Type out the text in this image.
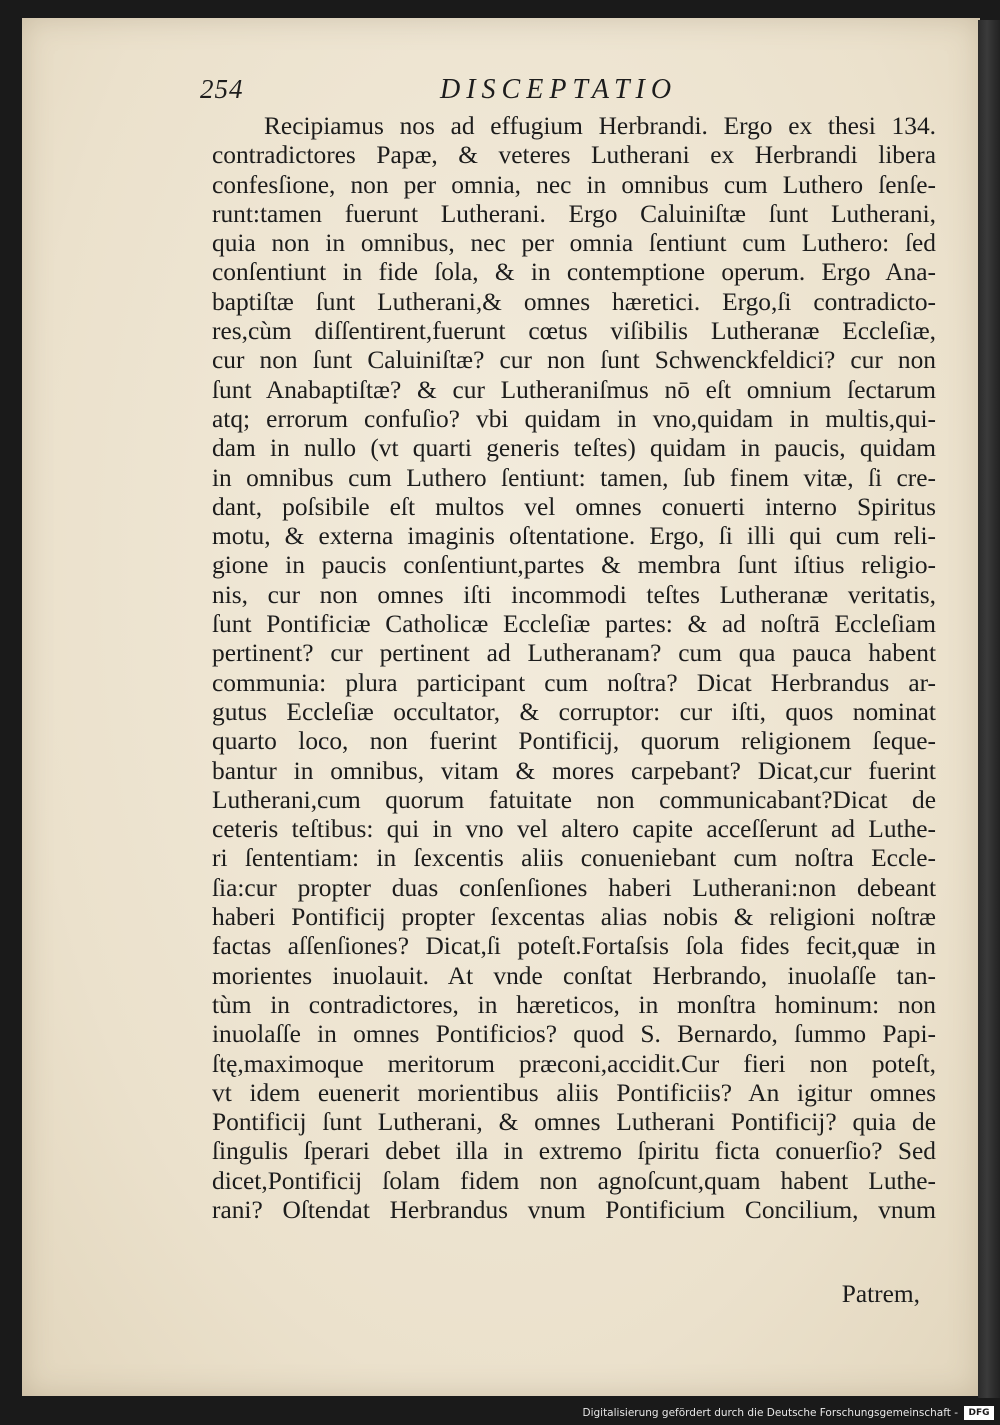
254	DISCEPTATIO
Recipiamus nos ad effugium Herbrandi. Ergo ex thesi 134.
contradictores Papæ, & veteres Lutherani ex Herbrandi libera
confesſione, non per omnia, nec in omnibus cum Luthero ſenſe-
runt:tamen fuerunt Lutherani. Ergo Caluiniſtæ ſunt Lutherani,
quia non in omnibus, nec per omnia ſentiunt cum Luthero: ſed
conſentiunt in fide ſola, & in contemptione operum. Ergo Ana-
baptiſtæ ſunt Lutherani,& omnes hæretici. Ergo,ſi contradicto-
res,cùm diſſentirent,fuerunt cœtus viſibilis Lutheranæ Eccleſiæ,
cur non ſunt Caluiniſtæ? cur non ſunt Schwenckfeldici? cur non
ſunt Anabaptiſtæ? & cur Lutheraniſmus nō eſt omnium ſectarum
atq; errorum confuſio? vbi quidam in vno,quidam in multis,qui-
dam in nullo (vt quarti generis teſtes) quidam in paucis, quidam
in omnibus cum Luthero ſentiunt: tamen, ſub finem vitæ, ſi cre-
dant, poſsibile eſt multos vel omnes conuerti interno Spiritus
motu, & externa imaginis oſtentatione. Ergo, ſi illi qui cum reli-
gione in paucis conſentiunt,partes & membra ſunt iſtius religio-
nis, cur non omnes iſti incommodi teſtes Lutheranæ veritatis,
ſunt Pontificiæ Catholicæ Eccleſiæ partes: & ad noſtrā Eccleſiam
pertinent? cur pertinent ad Lutheranam? cum qua pauca habent
communia: plura participant cum noſtra? Dicat Herbrandus ar-
gutus Eccleſiæ occultator, & corruptor: cur iſti, quos nominat
quarto loco, non fuerint Pontificij, quorum religionem ſeque-
bantur in omnibus, vitam & mores carpebant? Dicat,cur fuerint
Lutherani,cum quorum fatuitate non communicabant?Dicat de
ceteris teſtibus: qui in vno vel altero capite acceſſerunt ad Luthe-
ri ſententiam: in ſexcentis aliis conueniebant cum noſtra Eccle-
ſia:cur propter duas conſenſiones haberi Lutherani:non debeant
haberi Pontificij propter ſexcentas alias nobis & religioni noſtræ
factas aſſenſiones? Dicat,ſi poteſt.Fortaſsis ſola fides fecit,quæ in
morientes inuolauit. At vnde conſtat Herbrando, inuolaſſe tan-
tùm in contradictores, in hæreticos, in monſtra hominum: non
inuolaſſe in omnes Pontificios? quod S. Bernardo, ſummo Papi-
ſtę,maximoque meritorum præconi,accidit.Cur fieri non poteſt,
vt idem euenerit morientibus aliis Pontificiis? An igitur omnes
Pontificij ſunt Lutherani, & omnes Lutherani Pontificij? quia de
ſingulis ſperari debet illa in extremo ſpiritu ficta conuerſio? Sed
dicet,Pontificij ſolam fidem non agnoſcunt,quam habent Luthe-
rani? Oſtendat Herbrandus vnum Pontificium Concilium, vnum
Patrem,
Digitalisierung gefördert durch die Deutsche Forschungsgemeinschaft -	DFG
